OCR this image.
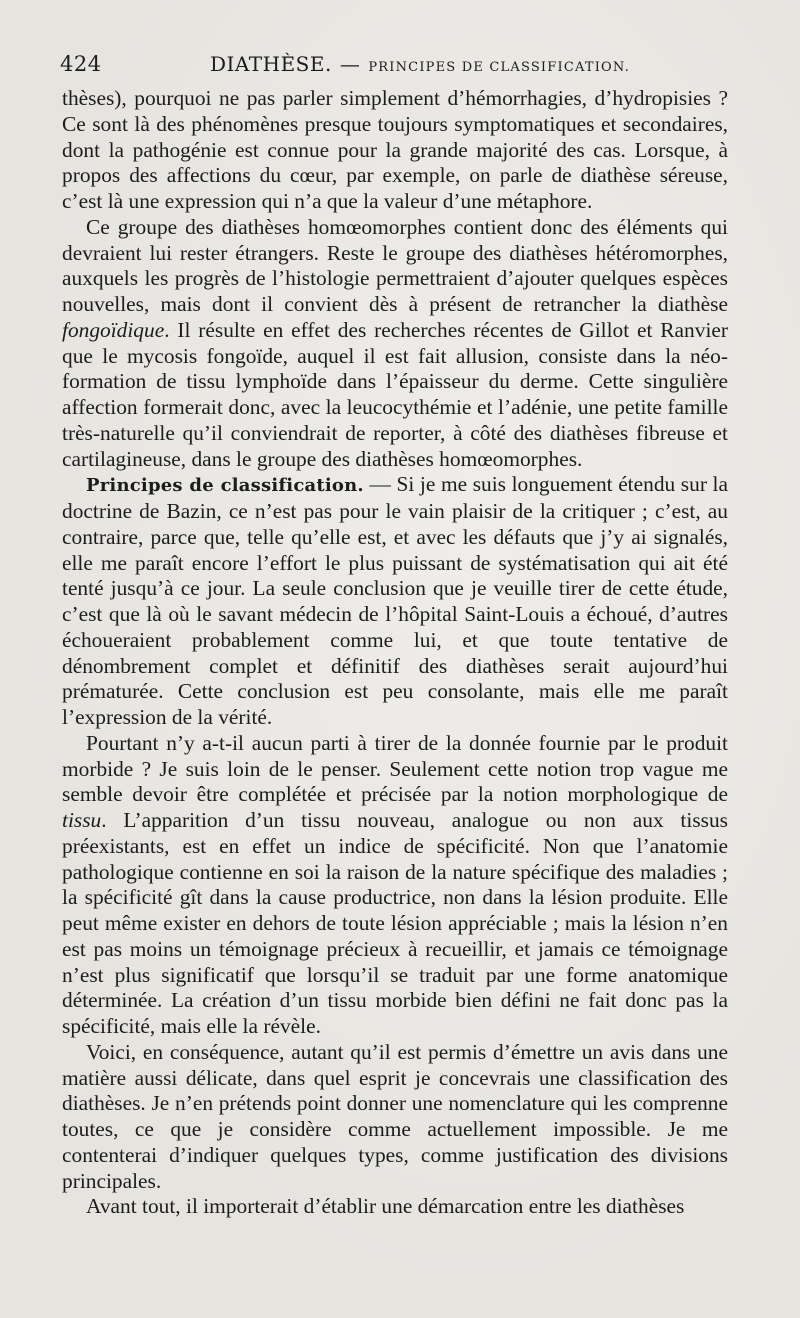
424	DIATHÈSE. — PRINCIPES DE CLASSIFICATION.

thèses), pourquoi ne pas parler simplement d’hémorrhagies, d’hydropisies ? Ce sont là des phénomènes presque toujours symptomatiques et secondaires, dont la pathogénie est connue pour la grande majorité des cas. Lorsque, à propos des affections du cœur, par exemple, on parle de diathèse séreuse, c’est là une expression qui n’a que la valeur d’une métaphore.

Ce groupe des diathèses homœomorphes contient donc des éléments qui devraient lui rester étrangers. Reste le groupe des diathèses hétéromorphes, auxquels les progrès de l’histologie permettraient d’ajouter quelques espèces nouvelles, mais dont il convient dès à présent de retrancher la diathèse fongoïdique. Il résulte en effet des recherches récentes de Gillot et Ranvier que le mycosis fongoïde, auquel il est fait allusion, consiste dans la néo-formation de tissu lymphoïde dans l’épaisseur du derme. Cette singulière affection formerait donc, avec la leucocythémie et l’adénie, une petite famille très-naturelle qu’il conviendrait de reporter, à côté des diathèses fibreuse et cartilagineuse, dans le groupe des diathèses homœomorphes.

Principes de classification. — Si je me suis longuement étendu sur la doctrine de Bazin, ce n’est pas pour le vain plaisir de la critiquer ; c’est, au contraire, parce que, telle qu’elle est, et avec les défauts que j’y ai signalés, elle me paraît encore l’effort le plus puissant de systématisation qui ait été tenté jusqu’à ce jour. La seule conclusion que je veuille tirer de cette étude, c’est que là où le savant médecin de l’hôpital Saint-Louis a échoué, d’autres échoueraient probablement comme lui, et que toute tentative de dénombrement complet et définitif des diathèses serait aujourd’hui prématurée. Cette conclusion est peu consolante, mais elle me paraît l’expression de la vérité.

Pourtant n’y a-t-il aucun parti à tirer de la donnée fournie par le produit morbide ? Je suis loin de le penser. Seulement cette notion trop vague me semble devoir être complétée et précisée par la notion morphologique de tissu. L’apparition d’un tissu nouveau, analogue ou non aux tissus préexistants, est en effet un indice de spécificité. Non que l’anatomie pathologique contienne en soi la raison de la nature spécifique des maladies ; la spécificité gît dans la cause productrice, non dans la lésion produite. Elle peut même exister en dehors de toute lésion appréciable ; mais la lésion n’en est pas moins un témoignage précieux à recueillir, et jamais ce témoignage n’est plus significatif que lorsqu’il se traduit par une forme anatomique déterminée. La création d’un tissu morbide bien défini ne fait donc pas la spécificité, mais elle la révèle.

Voici, en conséquence, autant qu’il est permis d’émettre un avis dans une matière aussi délicate, dans quel esprit je concevrais une classification des diathèses. Je n’en prétends point donner une nomenclature qui les comprenne toutes, ce que je considère comme actuellement impossible. Je me contenterai d’indiquer quelques types, comme justification des divisions principales.

Avant tout, il importerait d’établir une démarcation entre les diathèses
